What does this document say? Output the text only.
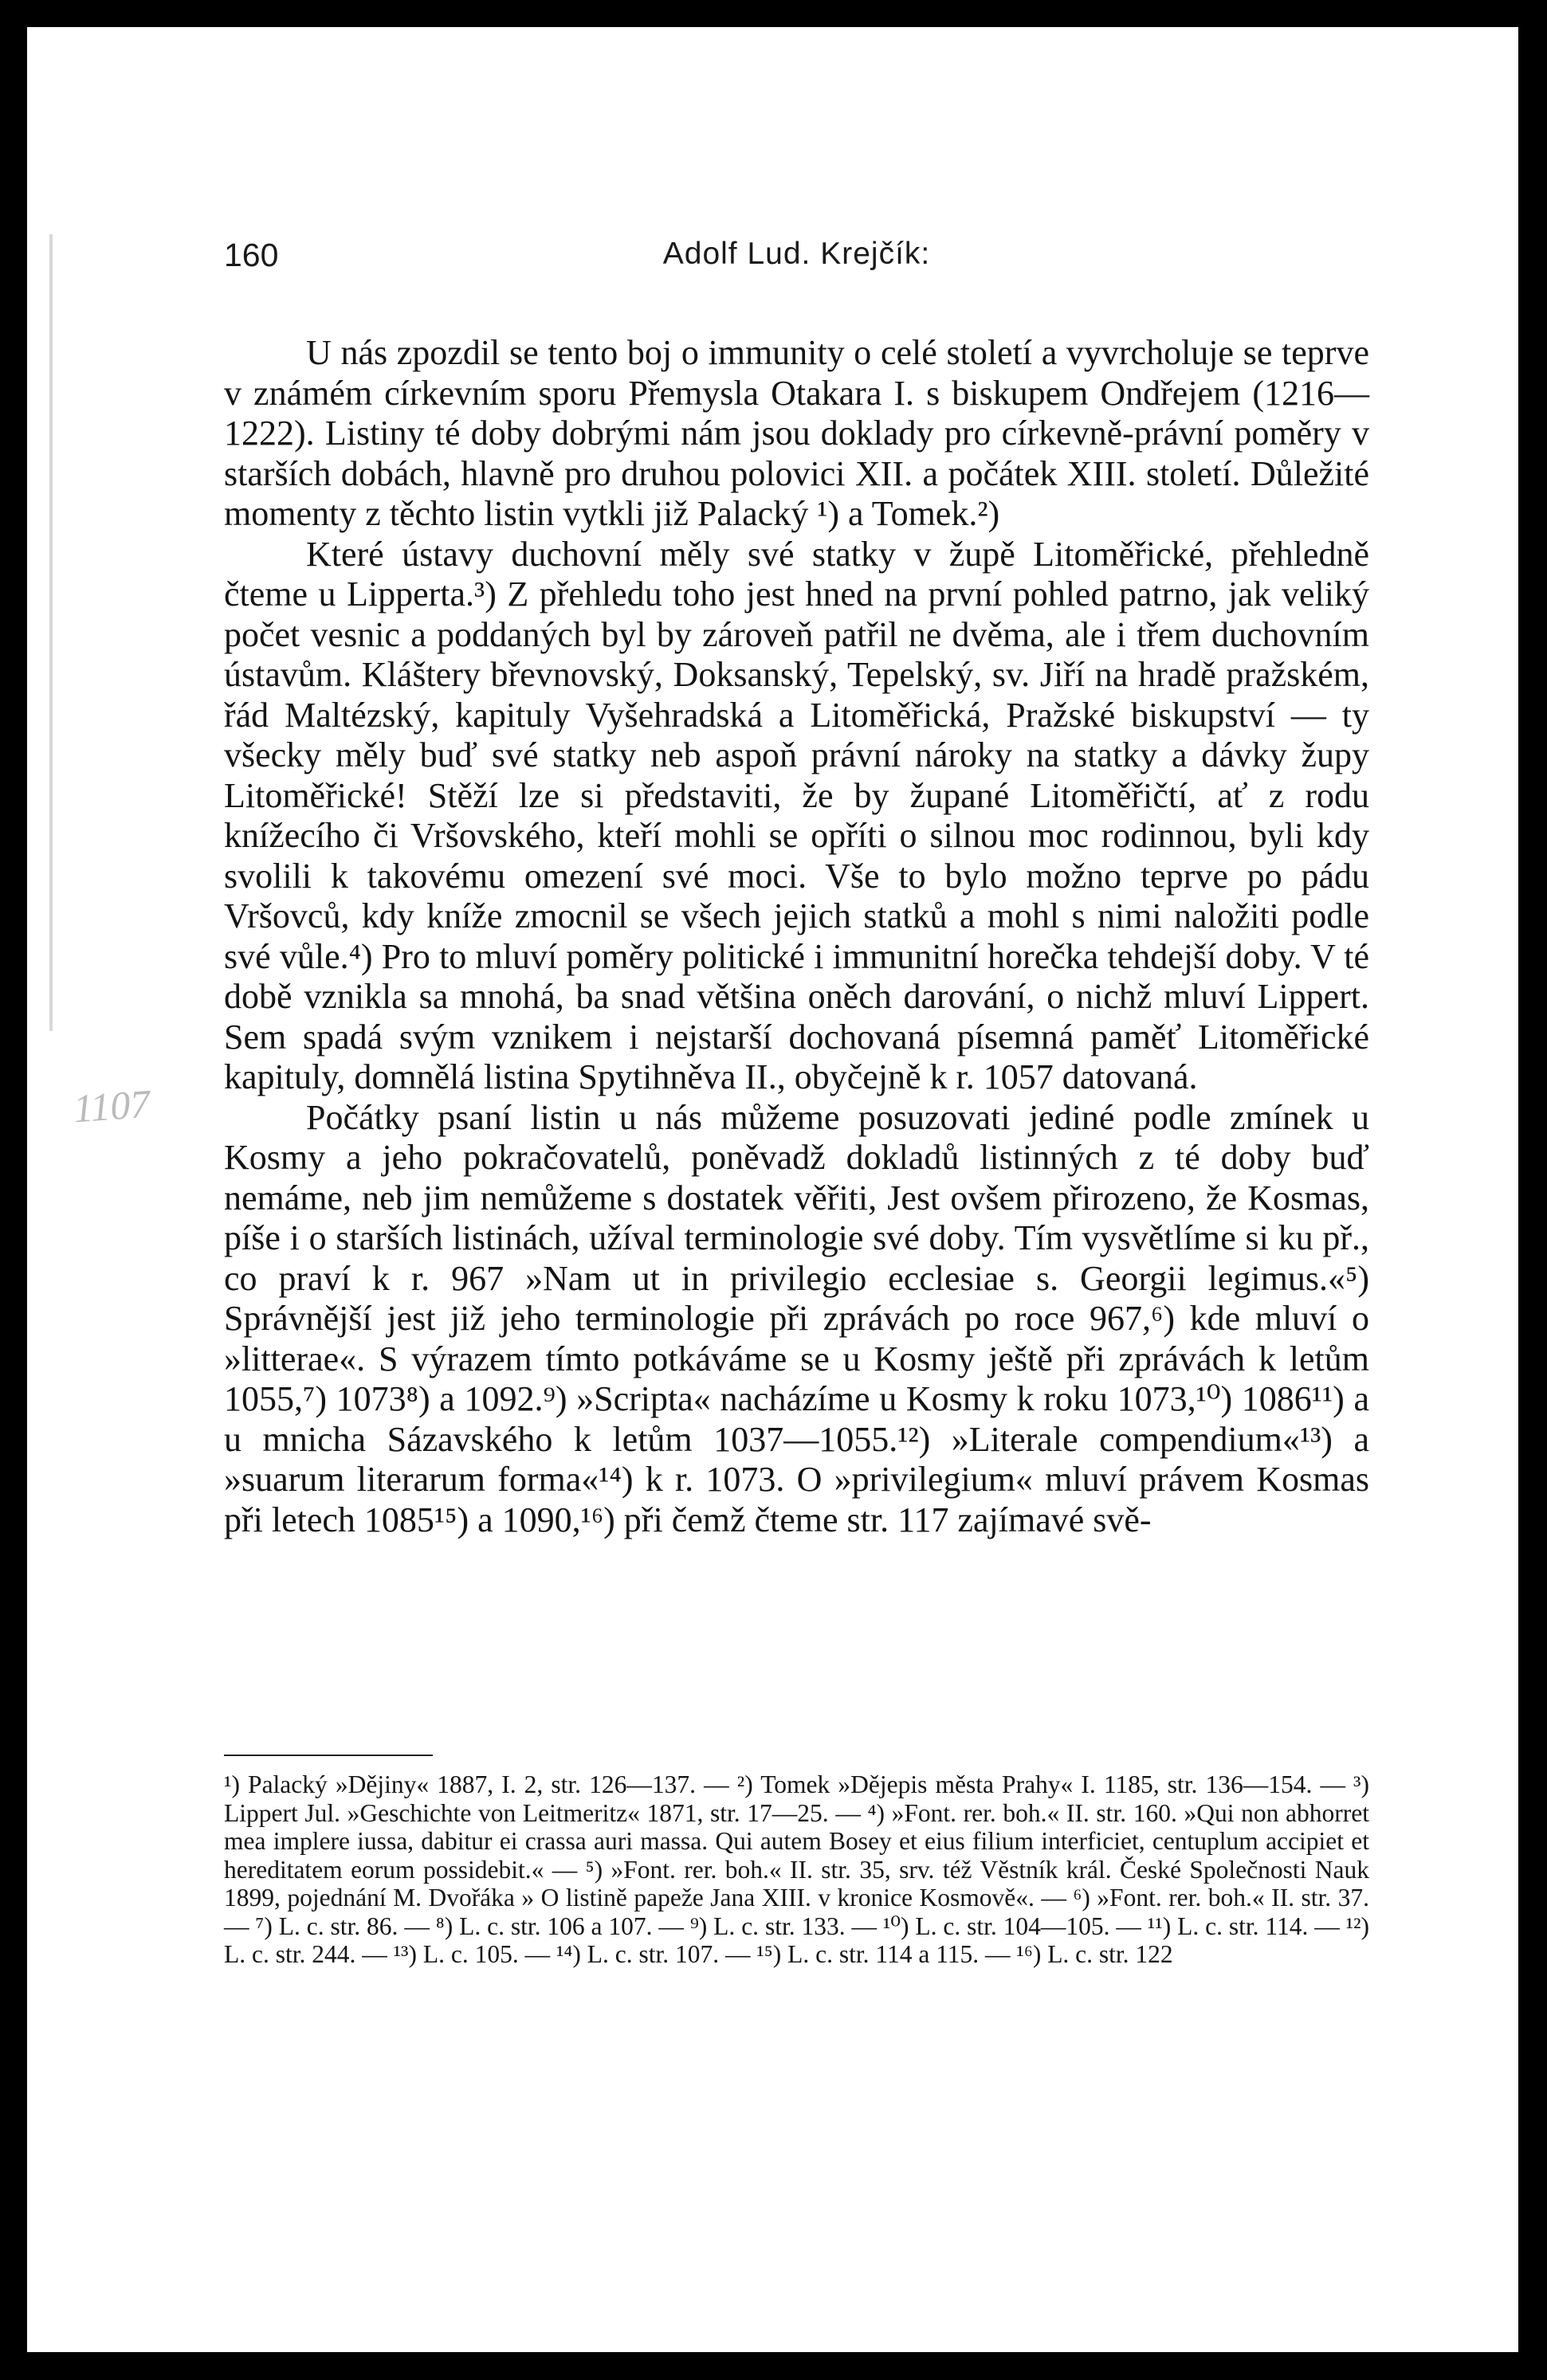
1107
160	Adolf Lud. Krejčík:

U nás zpozdil se tento boj o immunity o celé století a vyvrcholuje se teprve v známém církevním sporu Přemysla Otakara I. s biskupem Ondřejem (1216—1222). Listiny té doby dobrými nám jsou doklady pro církevně-právní poměry v starších dobách, hlavně pro druhou polovici XII. a počátek XIII. století. Důležité momenty z těchto listin vytkli již Palacký ¹) a Tomek.²)

Které ústavy duchovní měly své statky v župě Litoměřické, přehledně čteme u Lipperta.³) Z přehledu toho jest hned na první pohled patrno, jak veliký počet vesnic a poddaných byl by zároveň patřil ne dvěma, ale i třem duchovním ústavům. Kláštery břevnovský, Doksanský, Tepelský, sv. Jiří na hradě pražském, řád Maltézský, kapituly Vyšehradská a Litoměřická, Pražské biskupství — ty všecky měly buď své statky neb aspoň právní nároky na statky a dávky župy Litoměřické! Stěží lze si představiti, že by župané Litoměřičtí, ať z rodu knížecího či Vršovského, kteří mohli se opříti o silnou moc rodinnou, byli kdy svolili k takovému omezení své moci. Vše to bylo možno teprve po pádu Vršovců, kdy kníže zmocnil se všech jejich statků a mohl s nimi naložiti podle své vůle.⁴) Pro to mluví poměry politické i immunitní horečka tehdejší doby. V té době vznikla sa mnohá, ba snad většina oněch darování, o nichž mluví Lippert. Sem spadá svým vznikem i nejstarší dochovaná písemná paměť Litoměřické kapituly, domnělá listina Spytihněva II., obyčejně k r. 1057 datovaná.

Počátky psaní listin u nás můžeme posuzovati jediné podle zmínek u Kosmy a jeho pokračovatelů, poněvadž dokladů listinných z té doby buď nemáme, neb jim nemůžeme s dostatek věřiti, Jest ovšem přirozeno, že Kosmas, píše i o starších listinách, užíval terminologie své doby. Tím vysvětlíme si ku př., co praví k r. 967 »Nam ut in privilegio ecclesiae s. Georgii legimus.«⁵) Správnější jest již jeho terminologie při zprávách po roce 967,⁶) kde mluví o »litterae«. S výrazem tímto potkáváme se u Kosmy ještě při zprávách k letům 1055,⁷) 1073⁸) a 1092.⁹) »Scripta« nacházíme u Kosmy k roku 1073,¹⁰) 1086¹¹) a u mnicha Sázavského k letům 1037—1055.¹²) »Literale compendium«¹³) a »suarum literarum forma«¹⁴) k r. 1073. O »privilegium« mluví právem Kosmas při letech 1085¹⁵) a 1090,¹⁶) při čemž čteme str. 117 zajímavé svě-

¹) Palacký »Dějiny« 1887, I. 2, str. 126—137. — ²) Tomek »Dějepis města Prahy« I. 1185, str. 136—154. — ³) Lippert Jul. »Geschichte von Leitmeritz« 1871, str. 17—25. — ⁴) »Font. rer. boh.« II. str. 160. »Qui non abhorret mea implere iussa, dabitur ei crassa auri massa. Qui autem Bosey et eius filium interficiet, centuplum accipiet et hereditatem eorum possidebit.« — ⁵) »Font. rer. boh.« II. str. 35, srv. též Věstník král. České Společnosti Nauk 1899, pojednání M. Dvořáka » O listině papeže Jana XIII. v kronice Kosmově«. — ⁶) »Font. rer. boh.« II. str. 37. — ⁷) L. c. str. 86. — ⁸) L. c. str. 106 a 107. — ⁹) L. c. str. 133. — ¹⁰) L. c. str. 104—105. — ¹¹) L. c. str. 114. — ¹²) L. c. str. 244. — ¹³) L. c. 105. — ¹⁴) L. c. str. 107. — ¹⁵) L. c. str. 114 a 115. — ¹⁶) L. c. str. 122
